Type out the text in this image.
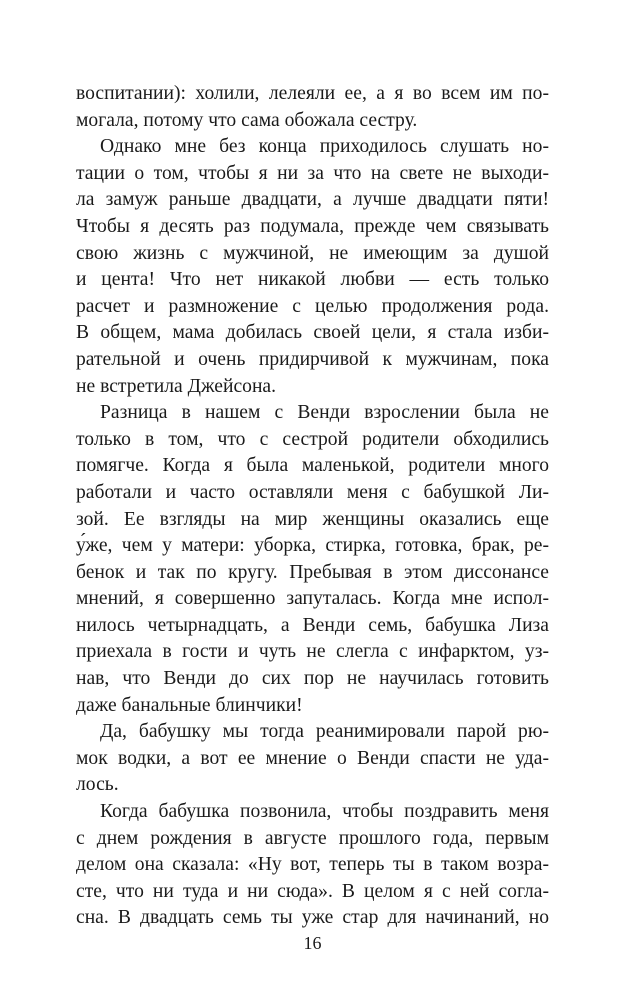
воспитании): холили, лелеяли ее, а я во всем им по-
могала, потому что сама обожала сестру.
Однако мне без конца приходилось слушать но-
тации о том, чтобы я ни за что на свете не выходи-
ла замуж раньше двадцати, а лучше двадцати пяти!
Чтобы я десять раз подумала, прежде чем связывать
свою жизнь с мужчиной, не имеющим за душой
и цента! Что нет никакой любви — есть только
расчет и размножение с целью продолжения рода.
В общем, мама добилась своей цели, я стала изби-
рательной и очень придирчивой к мужчинам, пока
не встретила Джейсона.
Разница в нашем с Венди взрослении была не
только в том, что с сестрой родители обходились
помягче. Когда я была маленькой, родители много
работали и часто оставляли меня с бабушкой Ли-
зой. Ее взгляды на мир женщины оказались еще
у́же, чем у матери: уборка, стирка, готовка, брак, ре-
бенок и так по кругу. Пребывая в этом диссонансе
мнений, я совершенно запуталась. Когда мне испол-
нилось четырнадцать, а Венди семь, бабушка Лиза
приехала в гости и чуть не слегла с инфарктом, уз-
нав, что Венди до сих пор не научилась готовить
даже банальные блинчики!
Да, бабушку мы тогда реанимировали парой рю-
мок водки, а вот ее мнение о Венди спасти не уда-
лось.
Когда бабушка позвонила, чтобы поздравить меня
с днем рождения в августе прошлого года, первым
делом она сказала: «Ну вот, теперь ты в таком возра-
сте, что ни туда и ни сюда». В целом я с ней согла-
сна. В двадцать семь ты уже стар для начинаний, но
16
